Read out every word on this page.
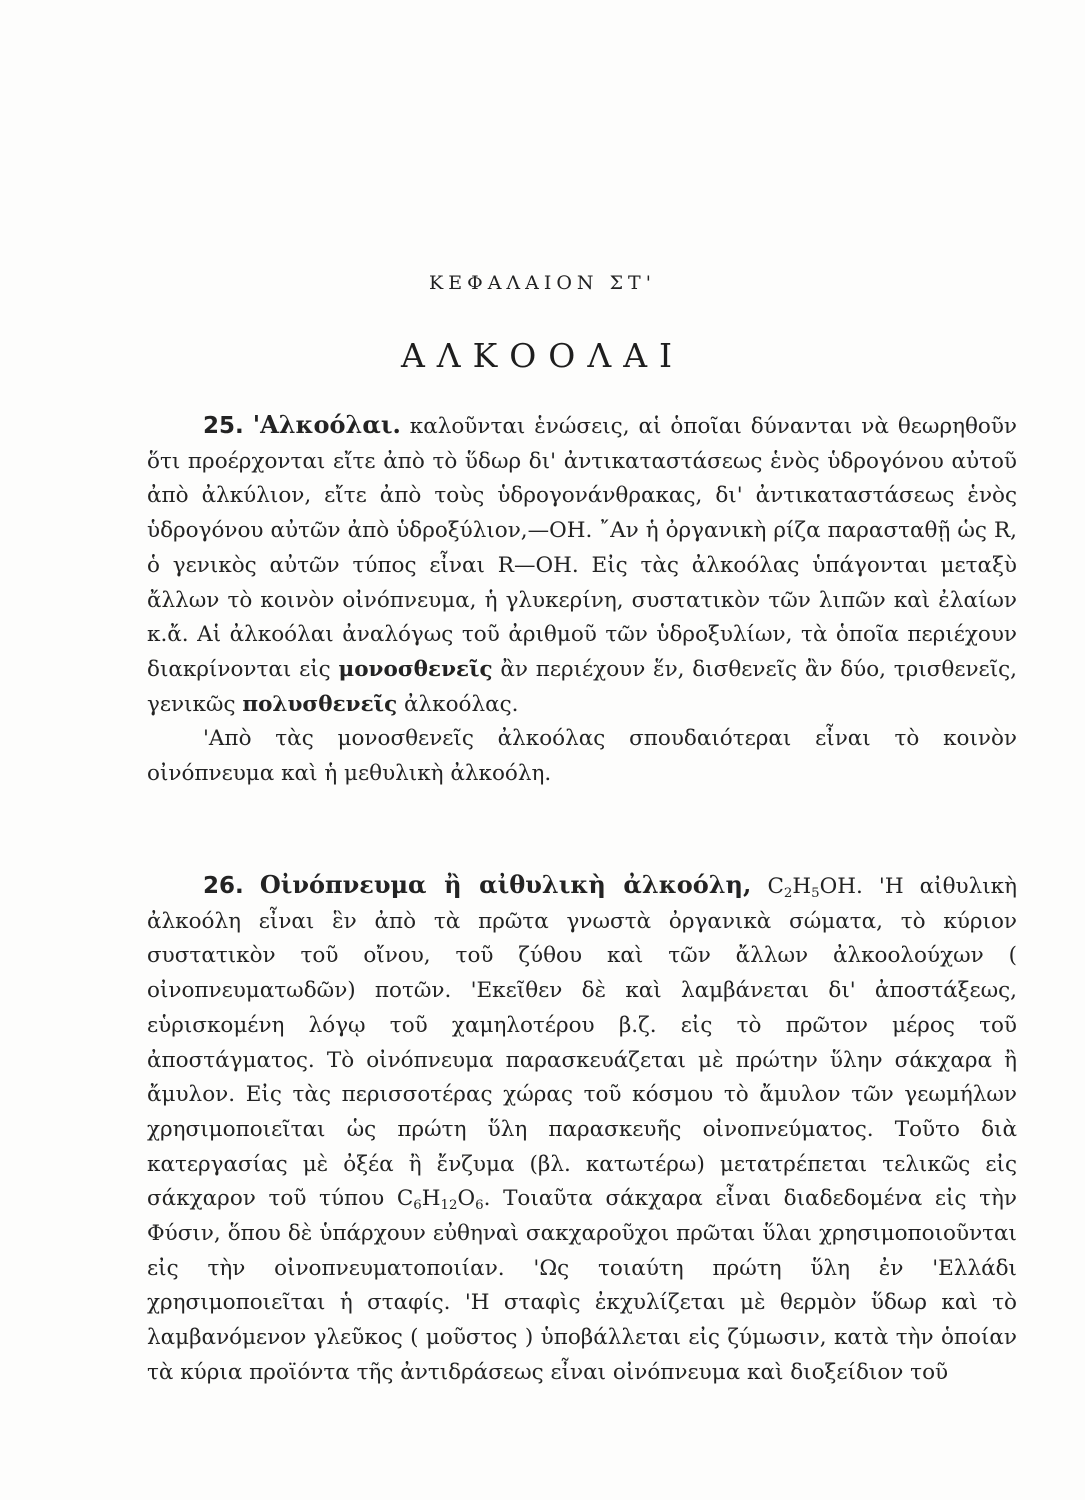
ΚΕΦΑΛΑΙΟΝ ΣΤ'
ΑΛΚΟΟΛΑΙ

25. 'Αλκοόλαι. καλοῦνται ἑνώσεις, αἱ ὁποῖαι δύνανται νὰ θεωρηθοῦν ὅτι προέρχονται εἴτε ἀπὸ τὸ ὕδωρ δι' ἀντικαταστάσεως ἑνὸς ὑδρογόνου αὐτοῦ ἀπὸ ἀλκύλιον, εἴτε ἀπὸ τοὺς ὑδρογονάνθρακας, δι' ἀντικαταστάσεως ἑνὸς ὑδρογόνου αὐτῶν ἀπὸ ὑδροξύλιον,—OH. ῎Αν ἡ ὀργανικὴ ρίζα παρασταθῇ ὡς R, ὁ γενικὸς αὐτῶν τύπος εἶναι R—OH. Εἰς τὰς ἀλκοόλας ὑπάγονται μεταξὺ ἄλλων τὸ κοινὸν οἰνόπνευμα, ἡ γλυκερίνη, συστατικὸν τῶν λιπῶν καὶ ἐλαίων κ.ἄ. Αἱ ἀλκοόλαι ἀναλόγως τοῦ ἀριθμοῦ τῶν ὑδροξυλίων, τὰ ὁποῖα περιέχουν διακρίνονται εἰς μονοσθενεῖς ἂν περιέχουν ἕν, δισθενεῖς ἂν δύο, τρισθενεῖς, γενικῶς πολυσθενεῖς ἀλκοόλας.

'Απὸ τὰς μονοσθενεῖς ἀλκοόλας σπουδαιότεραι εἶναι τὸ κοινὸν οἰνόπνευμα καὶ ἡ μεθυλικὴ ἀλκοόλη.

26. Οἰνόπνευμα ἢ αἰθυλικὴ ἀλκοόλη, $C_2H_5OH$. 'Η αἰθυλικὴ ἀλκοόλη εἶναι ἓν ἀπὸ τὰ πρῶτα γνωστὰ ὀργανικὰ σώματα, τὸ κύριον συστατικὸν τοῦ οἴνου, τοῦ ζύθου καὶ τῶν ἄλλων ἀλκοολούχων ( οἰνοπνευματωδῶν) ποτῶν. 'Εκεῖθεν δὲ καὶ λαμβάνεται δι' ἀποστάξεως, εὑρισκομένη λόγῳ τοῦ χαμηλοτέρου β.ζ. εἰς τὸ πρῶτον μέρος τοῦ ἀποστάγματος. Τὸ οἰνόπνευμα παρασκευάζεται μὲ πρώτην ὕλην σάκχαρα ἢ ἄμυλον. Εἰς τὰς περισσοτέρας χώρας τοῦ κόσμου τὸ ἄμυλον τῶν γεωμήλων χρησιμοποιεῖται ὡς πρώτη ὕλη παρασκευῆς οἰνοπνεύματος. Τοῦτο διὰ κατεργασίας μὲ ὀξέα ἢ ἔνζυμα (βλ. κατωτέρω) μετατρέπεται τελικῶς εἰς σάκχαρον τοῦ τύπου $C_6H_{12}O_6$. Τοιαῦτα σάκχαρα εἶναι διαδεδομένα εἰς τὴν Φύσιν, ὅπου δὲ ὑπάρχουν εὐθηναὶ σακχαροῦχοι πρῶται ὕλαι χρησιμοποιοῦνται εἰς τὴν οἰνοπνευματοποιίαν. 'Ως τοιαύτη πρώτη ὕλη ἐν 'Ελλάδι χρησιμοποιεῖται ἡ σταφίς. 'Η σταφὶς ἐκχυλίζεται μὲ θερμὸν ὕδωρ καὶ τὸ λαμβανόμενον γλεῦκος ( μοῦστος ) ὑποβάλλεται εἰς ζύμωσιν, κατὰ τὴν ὁποίαν τὰ κύρια προϊόντα τῆς ἀντιδράσεως εἶναι οἰνόπνευμα καὶ διοξείδιον τοῦ
